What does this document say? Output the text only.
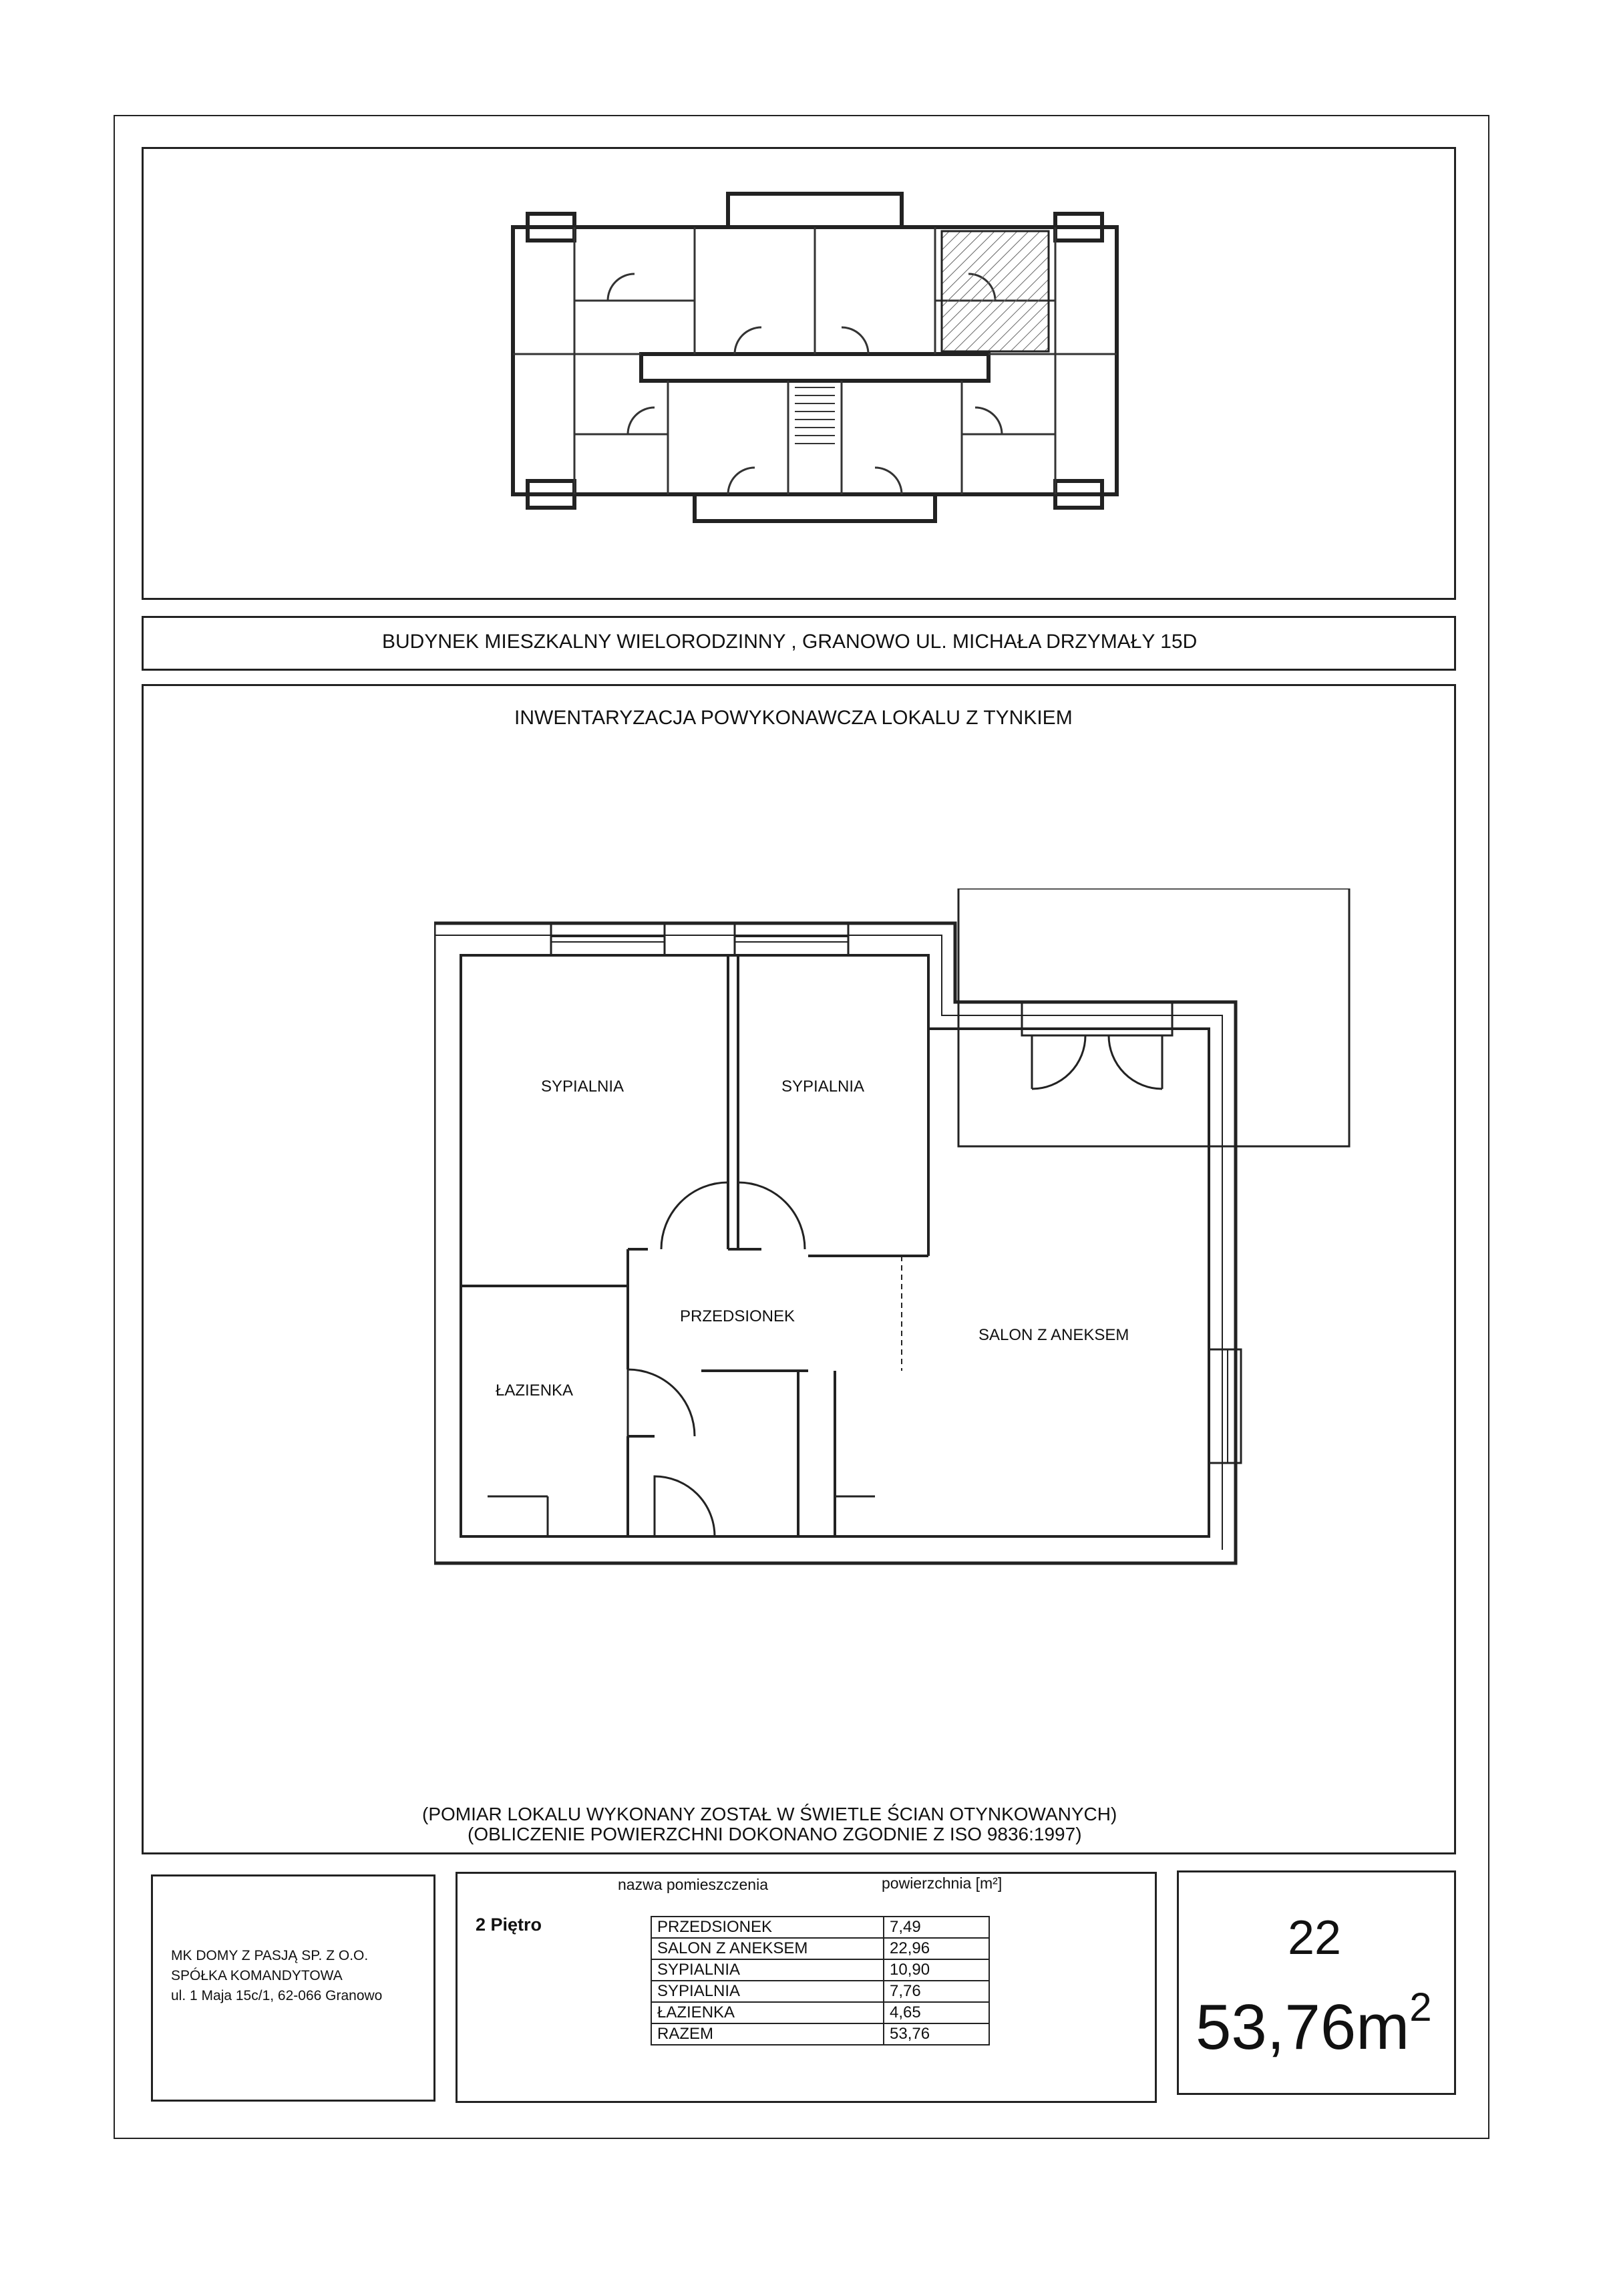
BUDYNEK MIESZKALNY WIELORODZINNY , GRANOWO UL. MICHAŁA DRZYMAŁY 15D
INWENTARYZACJA POWYKONAWCZA LOKALU Z TYNKIEM
SYPIALNIA	SYPIALNIA
PRZEDSIONEK
SALON Z ANEKSEM
ŁAZIENKA
(POMIAR LOKALU WYKONANY ZOSTAŁ W ŚWIETLE ŚCIAN OTYNKOWANYCH)
(OBLICZENIE POWIERZCHNI DOKONANO ZGODNIE Z ISO 9836:1997)
MK DOMY Z PASJĄ SP. Z O.O.
SPÓŁKA KOMANDYTOWA
ul. 1 Maja 15c/1, 62-066 Granowo
nazwa pomieszczenia	powierzchnia [m²]
2 Piętro	PRZEDSIONEK	7,49
SALON Z ANEKSEM	22,96
SYPIALNIA	10,90
SYPIALNIA	7,76
ŁAZIENKA	4,65
RAZEM	53,76
22
$53,76m^2$
